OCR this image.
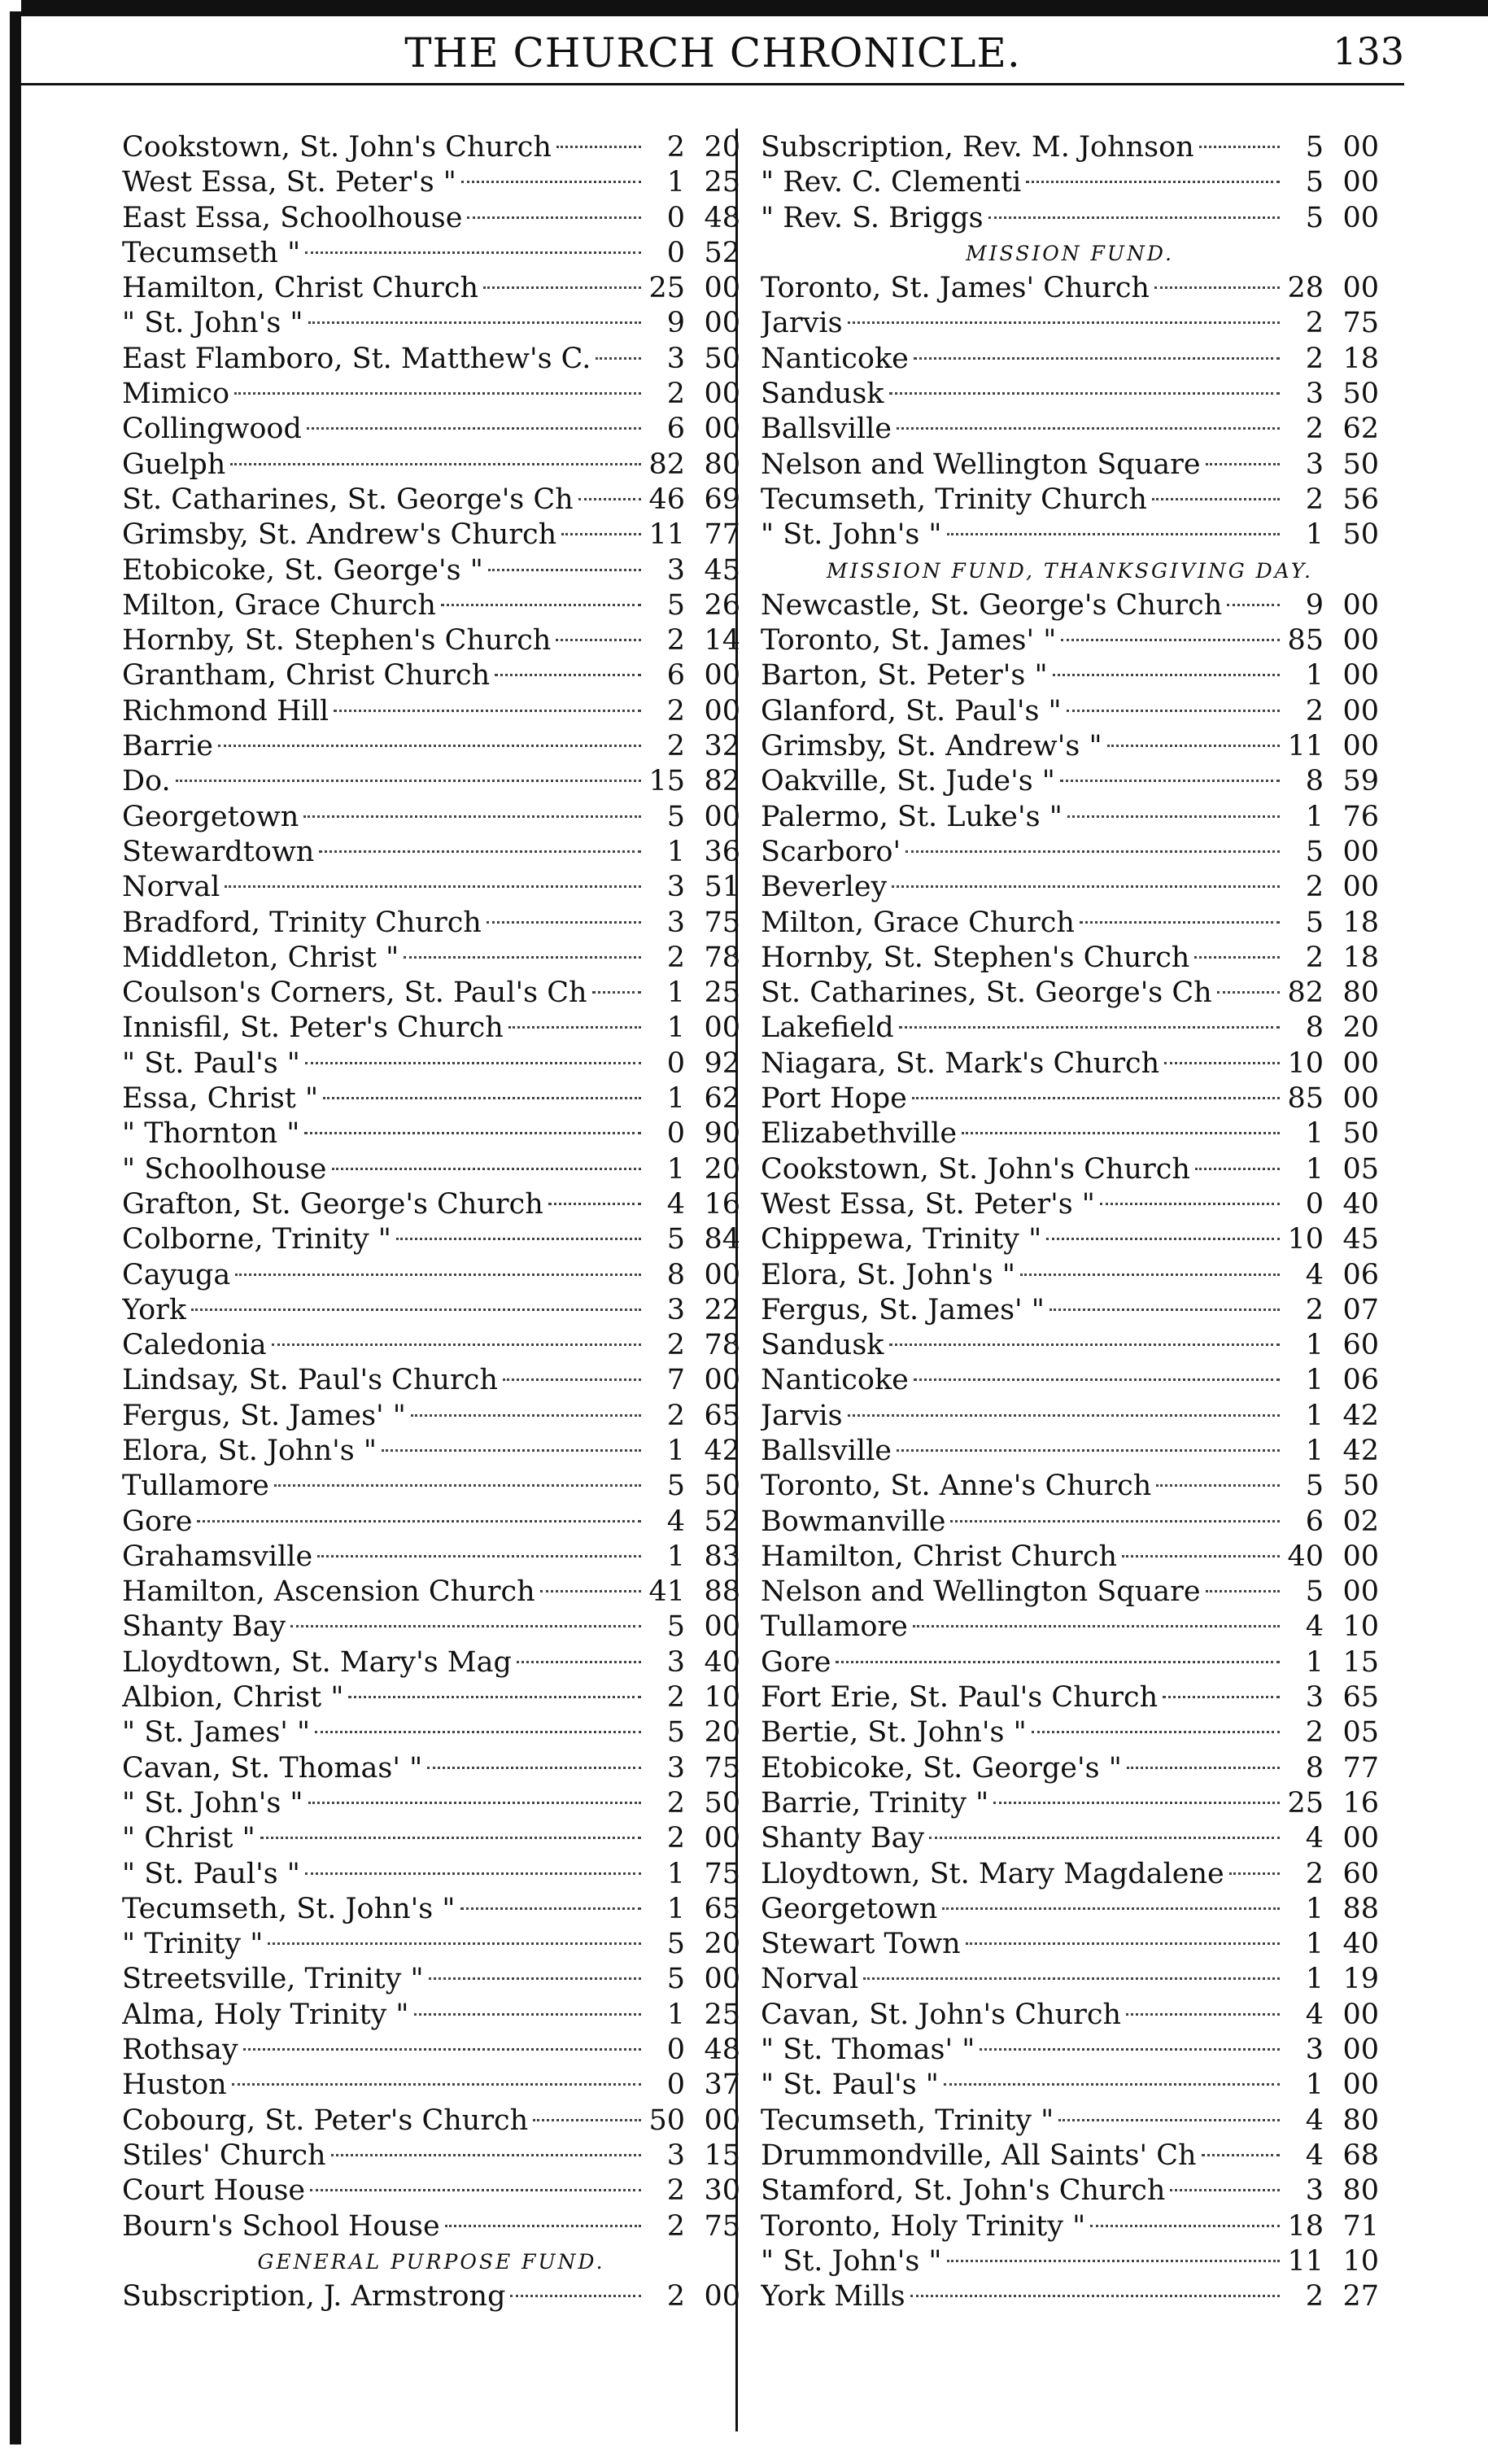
THE CHURCH CHRONICLE.	133
Cookstown, St. John's Church	2 20
West Essa, St. Peter's "	1 25
East Essa, Schoolhouse	0 48
Tecumseth "	0 52
Hamilton, Christ Church	25 00
" St. John's "	9 00
East Flamboro, St. Matthew's C.	3 50
Mimico	2 00
Collingwood	6 00
Guelph	82 80
St. Catharines, St. George's Ch	46 69
Grimsby, St. Andrew's Church	11 77
Etobicoke, St. George's "	3 45
Milton, Grace Church	5 26
Hornby, St. Stephen's Church	2 14
Grantham, Christ Church	6 00
Richmond Hill	2 00
Barrie	2 32
Do.	15 82
Georgetown	5 00
Stewardtown	1 36
Norval	3 51
Bradford, Trinity Church	3 75
Middleton, Christ "	2 78
Coulson's Corners, St. Paul's Ch	1 25
Innisfil, St. Peter's Church	1 00
" St. Paul's "	0 92
Essa, Christ "	1 62
" Thornton "	0 90
" Schoolhouse	1 20
Grafton, St. George's Church	4 16
Colborne, Trinity "	5 84
Cayuga	8 00
York	3 22
Caledonia	2 78
Lindsay, St. Paul's Church	7 00
Fergus, St. James' "	2 65
Elora, St. John's "	1 42
Tullamore	5 50
Gore	4 52
Grahamsville	1 83
Hamilton, Ascension Church	41 88
Shanty Bay	5 00
Lloydtown, St. Mary's Mag	3 40
Albion, Christ "	2 10
" St. James' "	5 20
Cavan, St. Thomas' "	3 75
" St. John's "	2 50
" Christ "	2 00
" St. Paul's "	1 75
Tecumseth, St. John's "	1 65
" Trinity "	5 20
Streetsville, Trinity "	5 00
Alma, Holy Trinity "	1 25
Rothsay	0 48
Huston	0 37
Cobourg, St. Peter's Church	50 00
Stiles' Church	3 15
Court House	2 30
Bourn's School House	2 75
GENERAL PURPOSE FUND.
Subscription, J. Armstrong	2 00
Subscription, Rev. M. Johnson	5 00
" Rev. C. Clementi	5 00
" Rev. S. Briggs	5 00
MISSION FUND.
Toronto, St. James' Church	28 00
Jarvis	2 75
Nanticoke	2 18
Sandusk	3 50
Ballsville	2 62
Nelson and Wellington Square	3 50
Tecumseth, Trinity Church	2 56
" St. John's "	1 50
MISSION FUND, THANKSGIVING DAY.
Newcastle, St. George's Church	9 00
Toronto, St. James' "	85 00
Barton, St. Peter's "	1 00
Glanford, St. Paul's "	2 00
Grimsby, St. Andrew's "	11 00
Oakville, St. Jude's "	8 59
Palermo, St. Luke's "	1 76
Scarboro'	5 00
Beverley	2 00
Milton, Grace Church	5 18
Hornby, St. Stephen's Church	2 18
St. Catharines, St. George's Ch	82 80
Lakefield	8 20
Niagara, St. Mark's Church	10 00
Port Hope	85 00
Elizabethville	1 50
Cookstown, St. John's Church	1 05
West Essa, St. Peter's "	0 40
Chippewa, Trinity "	10 45
Elora, St. John's "	4 06
Fergus, St. James' "	2 07
Sandusk	1 60
Nanticoke	1 06
Jarvis	1 42
Ballsville	1 42
Toronto, St. Anne's Church	5 50
Bowmanville	6 02
Hamilton, Christ Church	40 00
Nelson and Wellington Square	5 00
Tullamore	4 10
Gore	1 15
Fort Erie, St. Paul's Church	3 65
Bertie, St. John's "	2 05
Etobicoke, St. George's "	8 77
Barrie, Trinity "	25 16
Shanty Bay	4 00
Lloydtown, St. Mary Magdalene	2 60
Georgetown	1 88
Stewart Town	1 40
Norval	1 19
Cavan, St. John's Church	4 00
" St. Thomas' "	3 00
" St. Paul's "	1 00
Tecumseth, Trinity "	4 80
Drummondville, All Saints' Ch	4 68
Stamford, St. John's Church	3 80
Toronto, Holy Trinity "	18 71
" St. John's "	11 10
York Mills	2 27
